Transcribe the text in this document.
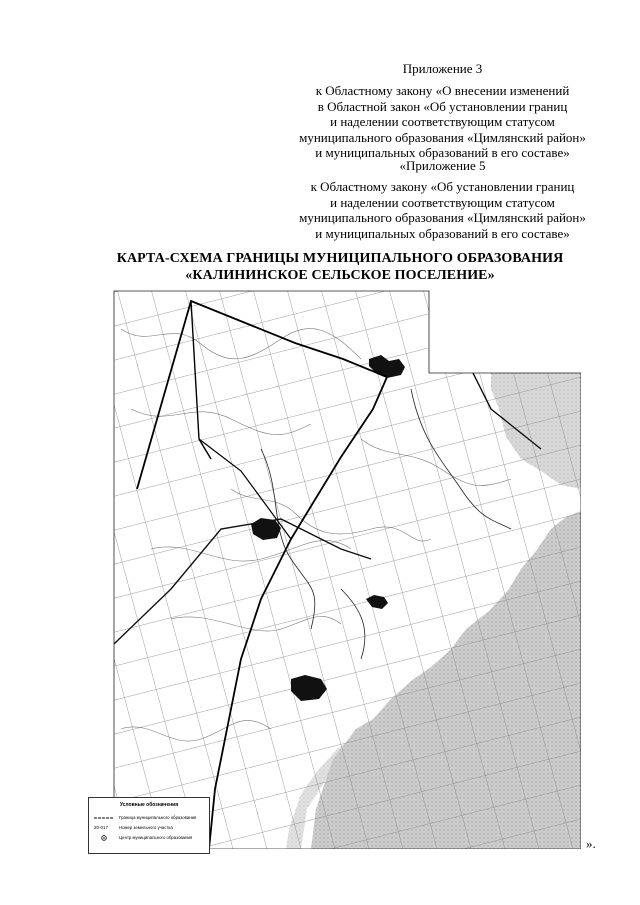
Приложение 3

к Областному закону «О внесении изменений

в Областной закон «Об установлении границ

и наделении соответствующим статусом

муниципального образования «Цимлянский район»

и муниципальных образований в его составе»

«Приложение 5

к Областному закону «Об установлении границ

и наделении соответствующим статусом

муниципального образования «Цимлянский район»

и муниципальных образований в его составе»

КАРТА-СХЕМА ГРАНИЦЫ МУНИЦИПАЛЬНОГО ОБРАЗОВАНИЯ

«КАЛИНИНСКОЕ СЕЛЬСКОЕ ПОСЕЛЕНИЕ»

Условные обозначения
Граница муниципального образования
20-017	Номер земельного участка
Центр муниципального образования	».
